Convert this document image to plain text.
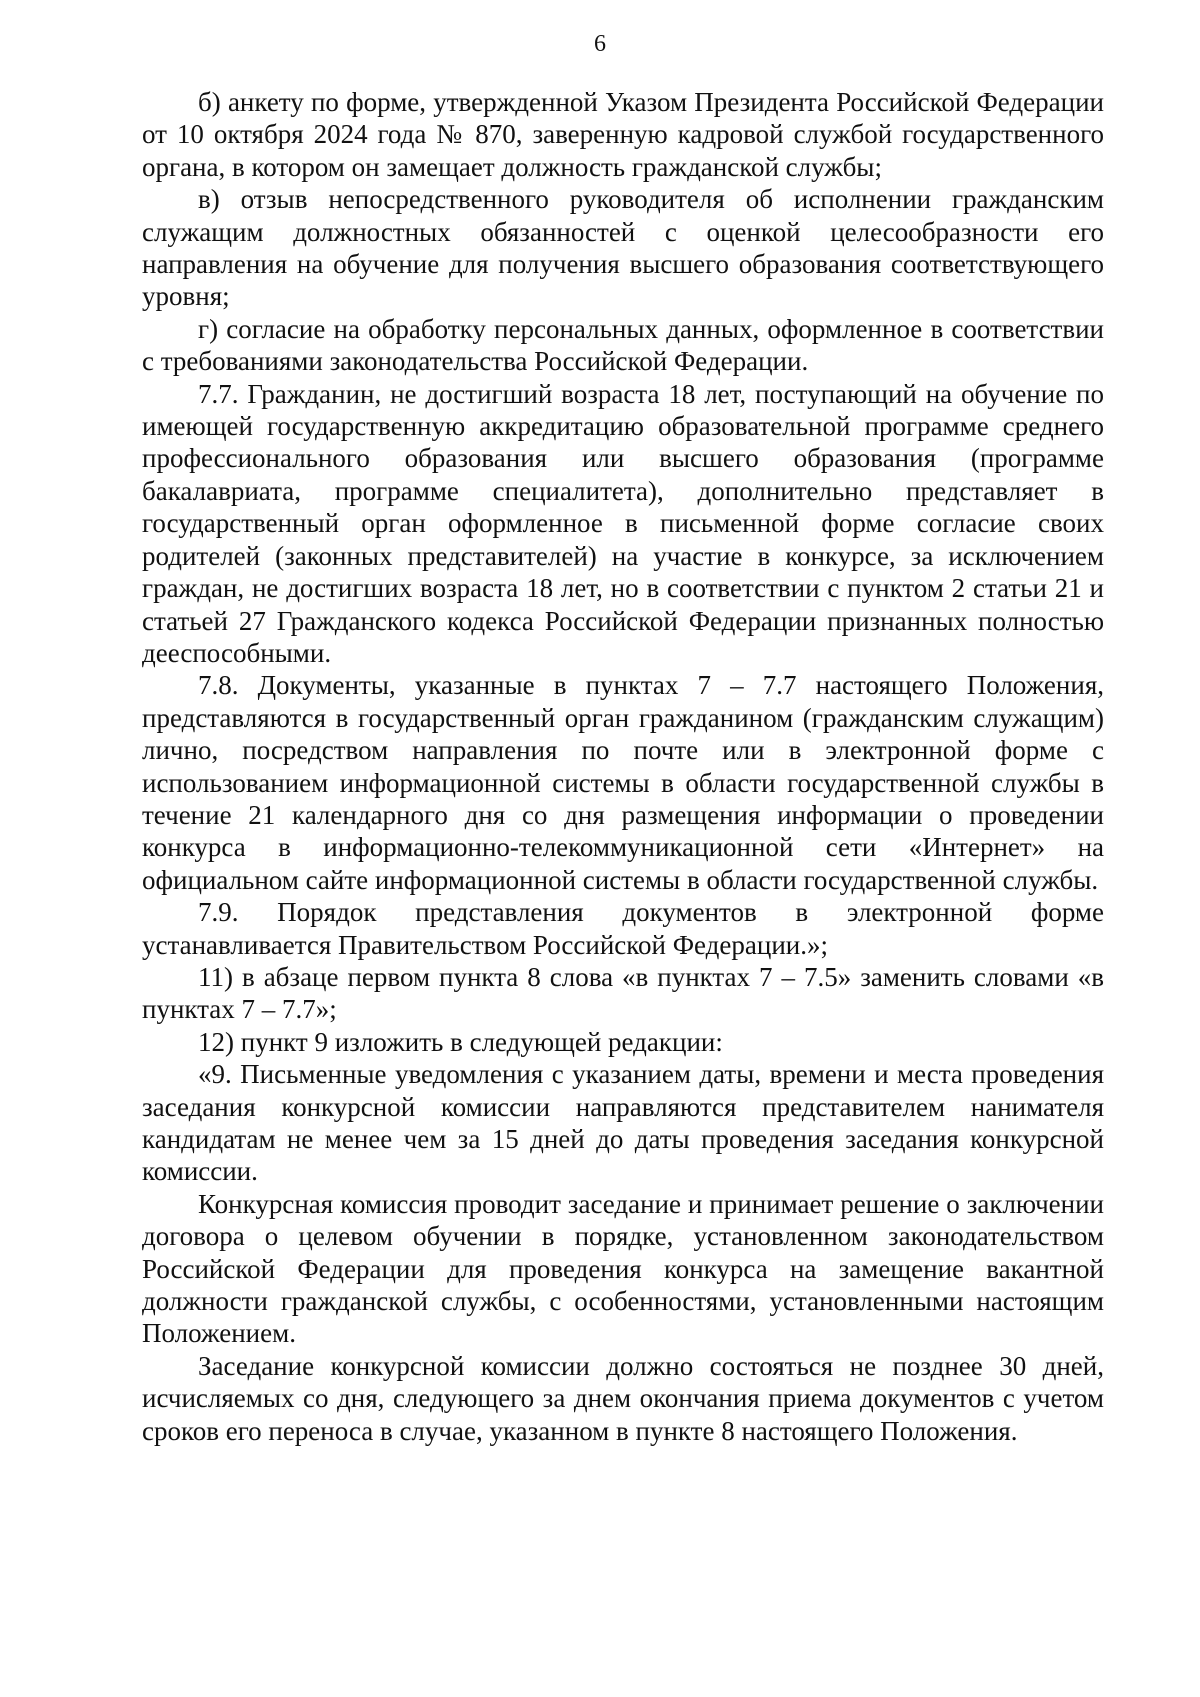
6

б) анкету по форме, утвержденной Указом Президента Российской Федерации от 10 октября 2024 года № 870, заверенную кадровой службой государственного органа, в котором он замещает должность гражданской службы;

в) отзыв непосредственного руководителя об исполнении гражданским служащим должностных обязанностей с оценкой целесообразности его направления на обучение для получения высшего образования соответствующего уровня;

г) согласие на обработку персональных данных, оформленное в соответствии с требованиями законодательства Российской Федерации.

7.7. Гражданин, не достигший возраста 18 лет, поступающий на обучение по имеющей государственную аккредитацию образовательной программе среднего профессионального образования или высшего образования (программе бакалавриата, программе специалитета), дополнительно представляет в государственный орган оформленное в письменной форме согласие своих родителей (законных представителей) на участие в конкурсе, за исключением граждан, не достигших возраста 18 лет, но в соответствии с пунктом 2 статьи 21 и статьей 27 Гражданского кодекса Российской Федерации признанных полностью дееспособными.

7.8. Документы, указанные в пунктах 7 – 7.7 настоящего Положения, представляются в государственный орган гражданином (гражданским служащим) лично, посредством направления по почте или в электронной форме с использованием информационной системы в области государственной службы в течение 21 календарного дня со дня размещения информации о проведении конкурса в информационно-телекоммуникационной сети «Интернет» на официальном сайте информационной системы в области государственной службы.

7.9. Порядок представления документов в электронной форме устанавливается Правительством Российской Федерации.»;

11) в абзаце первом пункта 8 слова «в пунктах 7 – 7.5» заменить словами «в пунктах 7 – 7.7»;

12) пункт 9 изложить в следующей редакции:

«9. Письменные уведомления с указанием даты, времени и места проведения заседания конкурсной комиссии направляются представителем нанимателя кандидатам не менее чем за 15 дней до даты проведения заседания конкурсной комиссии.

Конкурсная комиссия проводит заседание и принимает решение о заключении договора о целевом обучении в порядке, установленном законодательством Российской Федерации для проведения конкурса на замещение вакантной должности гражданской службы, с особенностями, установленными настоящим Положением.

Заседание конкурсной комиссии должно состояться не позднее 30 дней, исчисляемых со дня, следующего за днем окончания приема документов с учетом сроков его переноса в случае, указанном в пункте 8 настоящего Положения.
